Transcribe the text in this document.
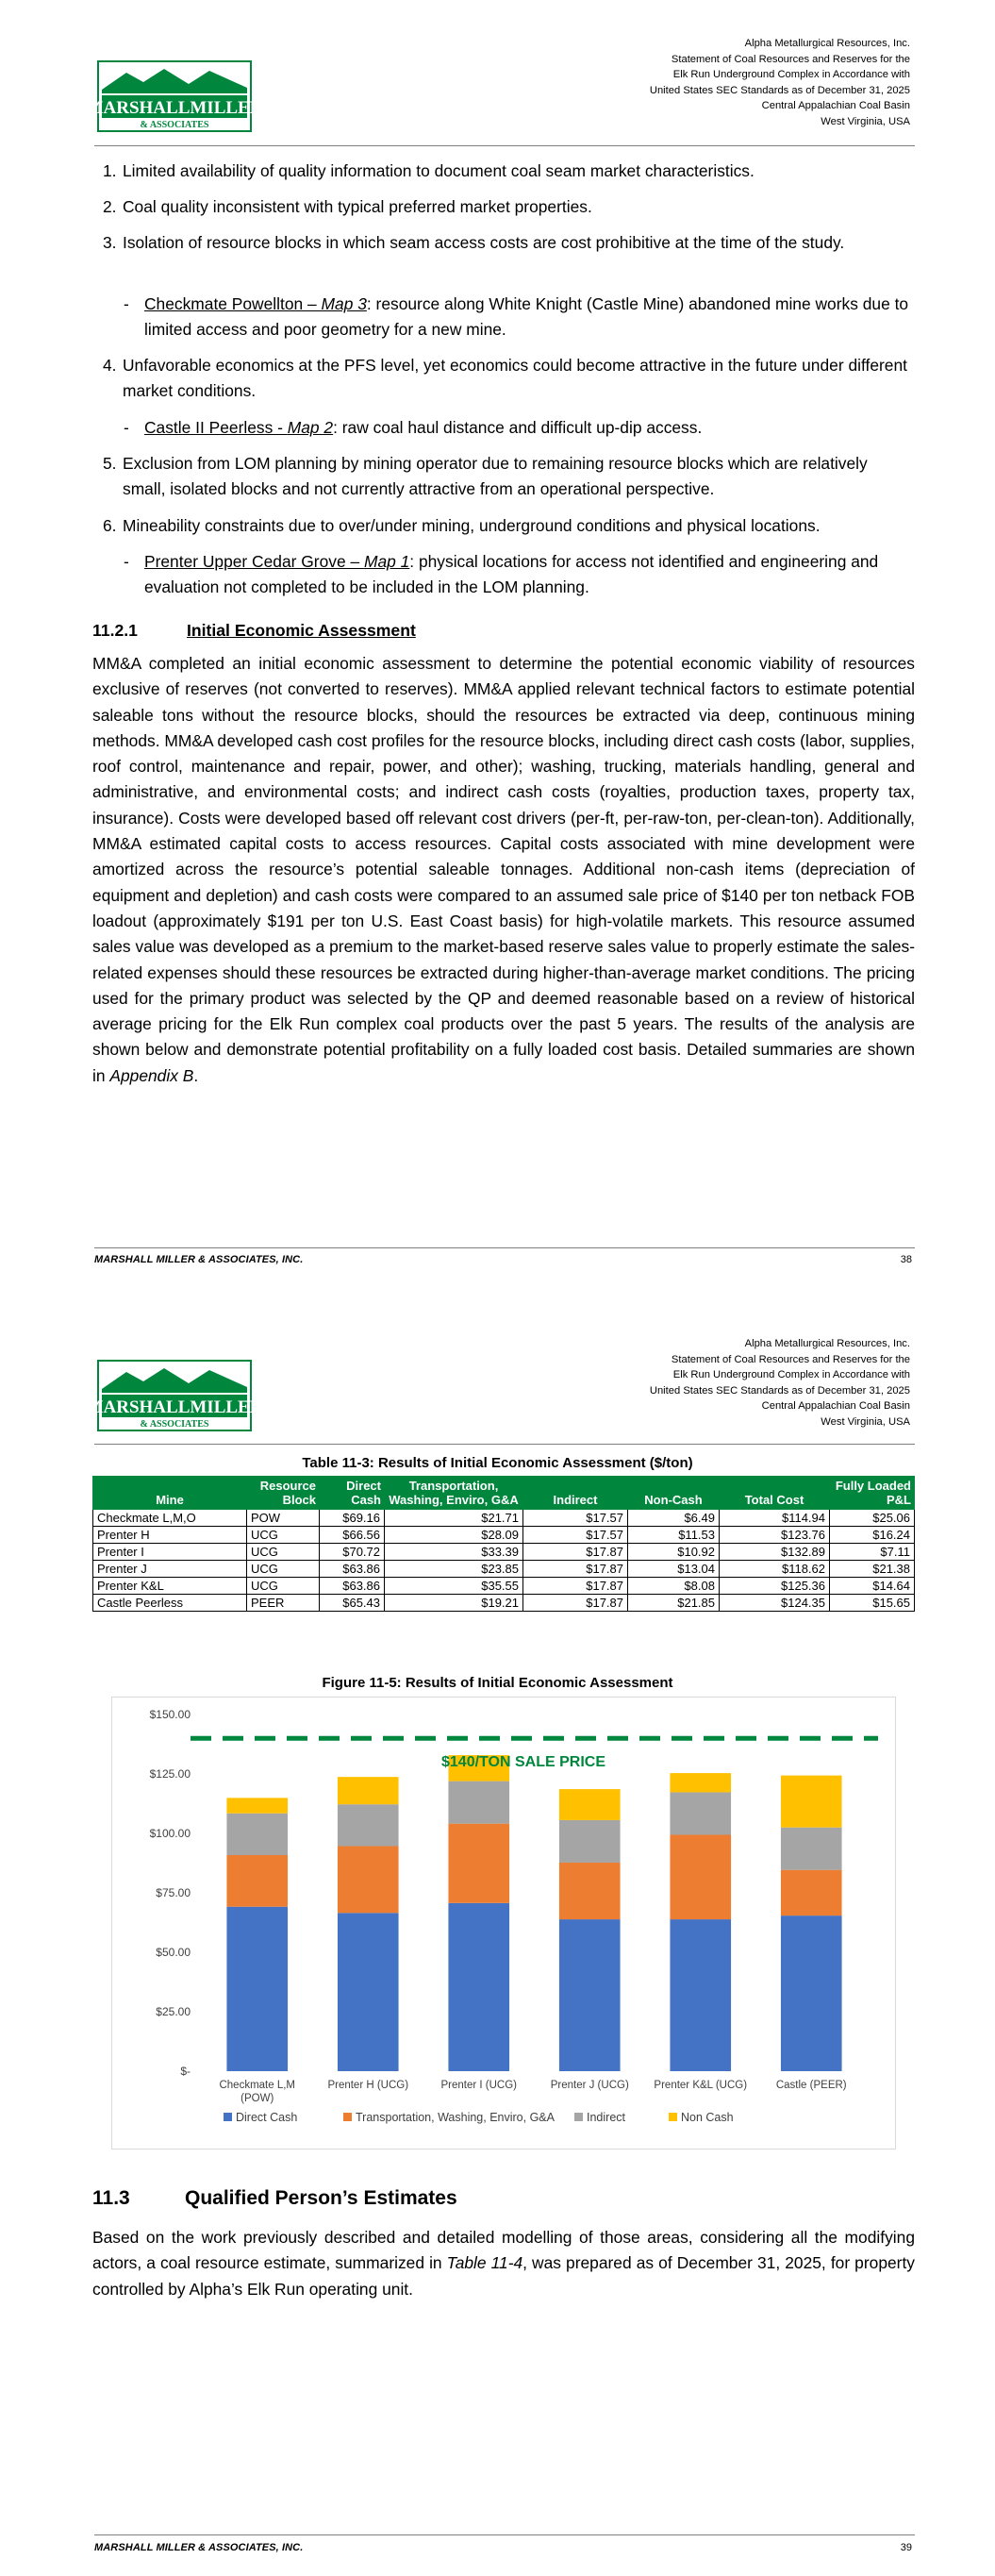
MARSHALLMILLER
& ASSOCIATES
Alpha Metallurgical Resources, Inc.
Statement of Coal Resources and Reserves for the
Elk Run Underground Complex in Accordance with
United States SEC Standards as of December 31, 2025
Central Appalachian Coal Basin
West Virginia, USA
1. Limited availability of quality information to document coal seam market characteristics.
2. Coal quality inconsistent with typical preferred market properties.
3. Isolation of resource blocks in which seam access costs are cost prohibitive at the time of the study.
- Checkmate Powellton – Map 3: resource along White Knight (Castle Mine) abandoned mine works due to limited access and poor geometry for a new mine.
4. Unfavorable economics at the PFS level, yet economics could become attractive in the future under different market conditions.
- Castle II Peerless - Map 2: raw coal haul distance and difficult up-dip access.
5. Exclusion from LOM planning by mining operator due to remaining resource blocks which are relatively small, isolated blocks and not currently attractive from an operational perspective.
6. Mineability constraints due to over/under mining, underground conditions and physical locations.
- Prenter Upper Cedar Grove – Map 1: physical locations for access not identified and engineering and evaluation not completed to be included in the LOM planning.
11.2.1	Initial Economic Assessment
MM&A completed an initial economic assessment to determine the potential economic viability of resources exclusive of reserves (not converted to reserves). MM&A applied relevant technical factors to estimate potential saleable tons without the resource blocks, should the resources be extracted via deep, continuous mining methods. MM&A developed cash cost profiles for the resource blocks, including direct cash costs (labor, supplies, roof control, maintenance and repair, power, and other); washing, trucking, materials handling, general and administrative, and environmental costs; and indirect cash costs (royalties, production taxes, property tax, insurance). Costs were developed based off relevant cost drivers (per-ft, per-raw-ton, per-clean-ton). Additionally, MM&A estimated capital costs to access resources. Capital costs associated with mine development were amortized across the resource’s potential saleable tonnages. Additional non-cash items (depreciation of equipment and depletion) and cash costs were compared to an assumed sale price of $140 per ton netback FOB loadout (approximately $191 per ton U.S. East Coast basis) for high-volatile markets. This resource assumed sales value was developed as a premium to the market-based reserve sales value to properly estimate the sales-related expenses should these resources be extracted during higher-than-average market conditions. The pricing used for the primary product was selected by the QP and deemed reasonable based on a review of historical average pricing for the Elk Run complex coal products over the past 5 years. The results of the analysis are shown below and demonstrate potential profitability on a fully loaded cost basis. Detailed summaries are shown in Appendix B.
MARSHALL MILLER & ASSOCIATES, INC.	38
MARSHALLMILLER
& ASSOCIATES
Alpha Metallurgical Resources, Inc.
Statement of Coal Resources and Reserves for the
Elk Run Underground Complex in Accordance with
United States SEC Standards as of December 31, 2025
Central Appalachian Coal Basin
West Virginia, USA
Table 11-3: Results of Initial Economic Assessment ($/ton)
Mine	Resource Block	Direct Cash	Transportation, Washing, Enviro, G&A	Indirect	Non-Cash	Total Cost	Fully Loaded P&L
Checkmate L,M,O	POW	$69.16	$21.71	$17.57	$6.49	$114.94	$25.06
Prenter H	UCG	$66.56	$28.09	$17.57	$11.53	$123.76	$16.24
Prenter I	UCG	$70.72	$33.39	$17.87	$10.92	$132.89	$7.11
Prenter J	UCG	$63.86	$23.85	$17.87	$13.04	$118.62	$21.38
Prenter K&L	UCG	$63.86	$35.55	$17.87	$8.08	$125.36	$14.64
Castle Peerless	PEER	$65.43	$19.21	$17.87	$21.85	$124.35	$15.65
Figure 11-5: Results of Initial Economic Assessment
$-
$25.00
$50.00
$75.00
$100.00
$125.00
$150.00
Checkmate L,M
(POW)
Prenter H (UCG)	Prenter I (UCG)	Prenter J (UCG) Prenter K&L (UCG)	Castle (PEER)
$140/TON SALE PRICE
Direct Cash	Transportation, Washing, Enviro, G&A	Indirect	Non Cash
11.3	Qualified Person’s Estimates
Based on the work previously described and detailed modelling of those areas, considering all the modifying actors, a coal resource estimate, summarized in Table 11-4, was prepared as of December 31, 2025, for property controlled by Alpha’s Elk Run operating unit.
MARSHALL MILLER & ASSOCIATES, INC.	39
